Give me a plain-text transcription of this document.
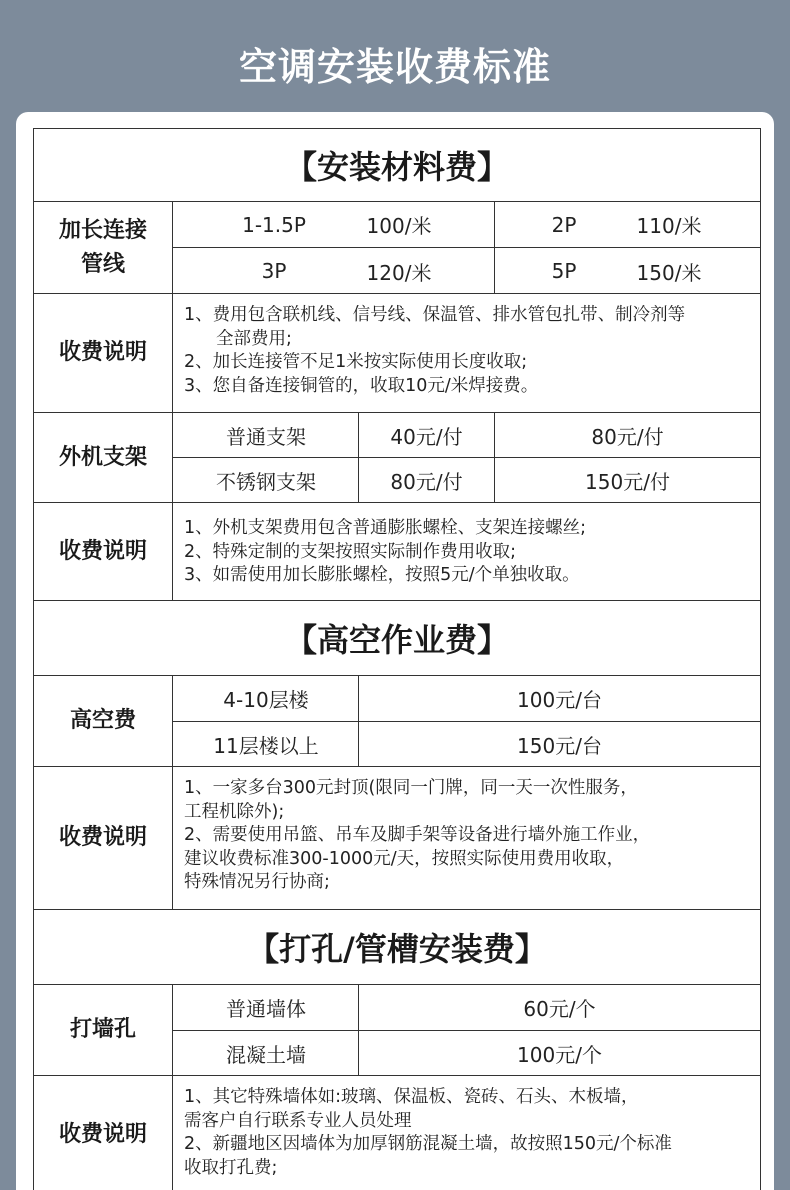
空调安装收费标准
【安装材料费】
加长连接管线
1-1.5P	100/米	2P	110/米
3P	120/米	5P	150/米
收费说明

1、费用包含联机线、信号线、保温管、排水管包扎带、制冷剂等

全部费用;

2、加长连接管不足1米按实际使用长度收取;

3、您自备连接铜管的，收取10元/米焊接费。

外机支架
普通支架	40元/付	80元/付
不锈钢支架	80元/付	150元/付
收费说明

1、外机支架费用包含普通膨胀螺栓、支架连接螺丝;

2、特殊定制的支架按照实际制作费用收取;

3、如需使用加长膨胀螺栓，按照5元/个单独收取。

【高空作业费】
高空费
4-10层楼	100元/台
11层楼以上	150元/台
收费说明

1、一家多台300元封顶(限同一门牌，同一天一次性服务，

工程机除外);

2、需要使用吊篮、吊车及脚手架等设备进行墙外施工作业，

建议收费标准300-1000元/天，按照实际使用费用收取，

特殊情况另行协商;

【打孔/管槽安装费】
打墙孔
普通墙体	60元/个
混凝土墙	100元/个
收费说明

1、其它特殊墙体如:玻璃、保温板、瓷砖、石头、木板墙，

需客户自行联系专业人员处理

2、新疆地区因墙体为加厚钢筋混凝土墙，故按照150元/个标准

收取打孔费;
